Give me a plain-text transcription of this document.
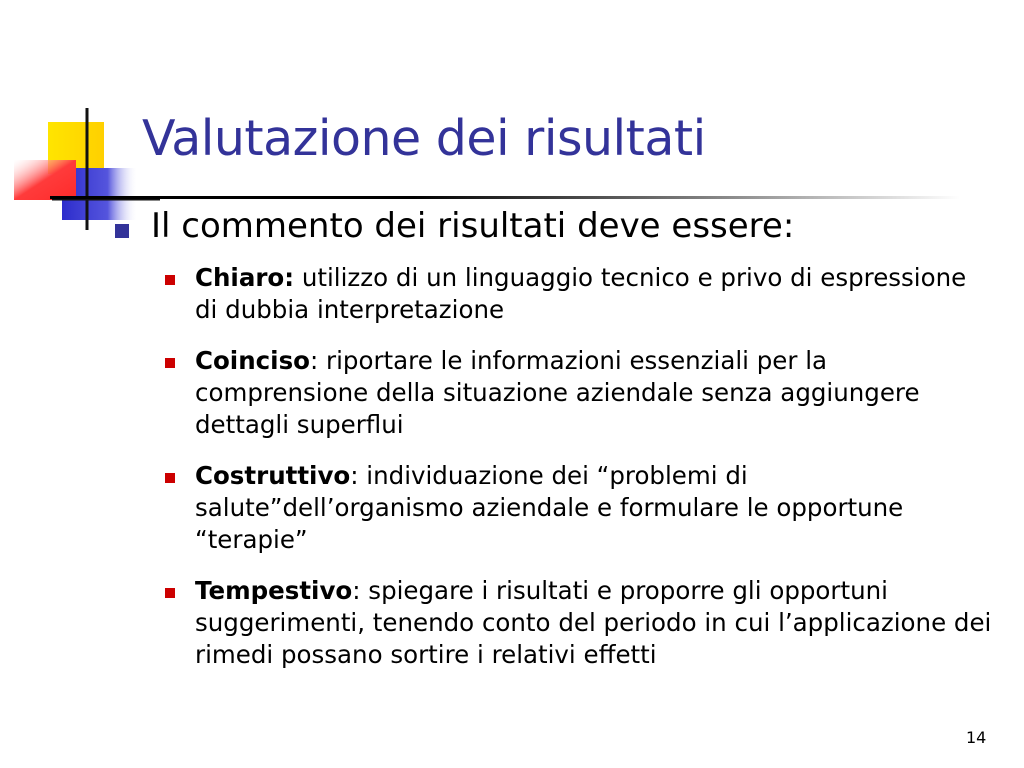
Valutazione dei risultati
Il commento dei risultati deve essere:
Chiaro: utilizzo di un linguaggio tecnico e privo di espressione di dubbia interpretazione
Coinciso: riportare le informazioni essenziali per la comprensione della situazione aziendale senza aggiungere dettagli superflui
Costruttivo: individuazione dei “problemi di salute”dell’organismo aziendale e formulare le opportune “terapie”
Tempestivo: spiegare i risultati e proporre gli opportuni suggerimenti, tenendo conto del periodo in cui l’applicazione dei rimedi possano sortire i relativi effetti
14
